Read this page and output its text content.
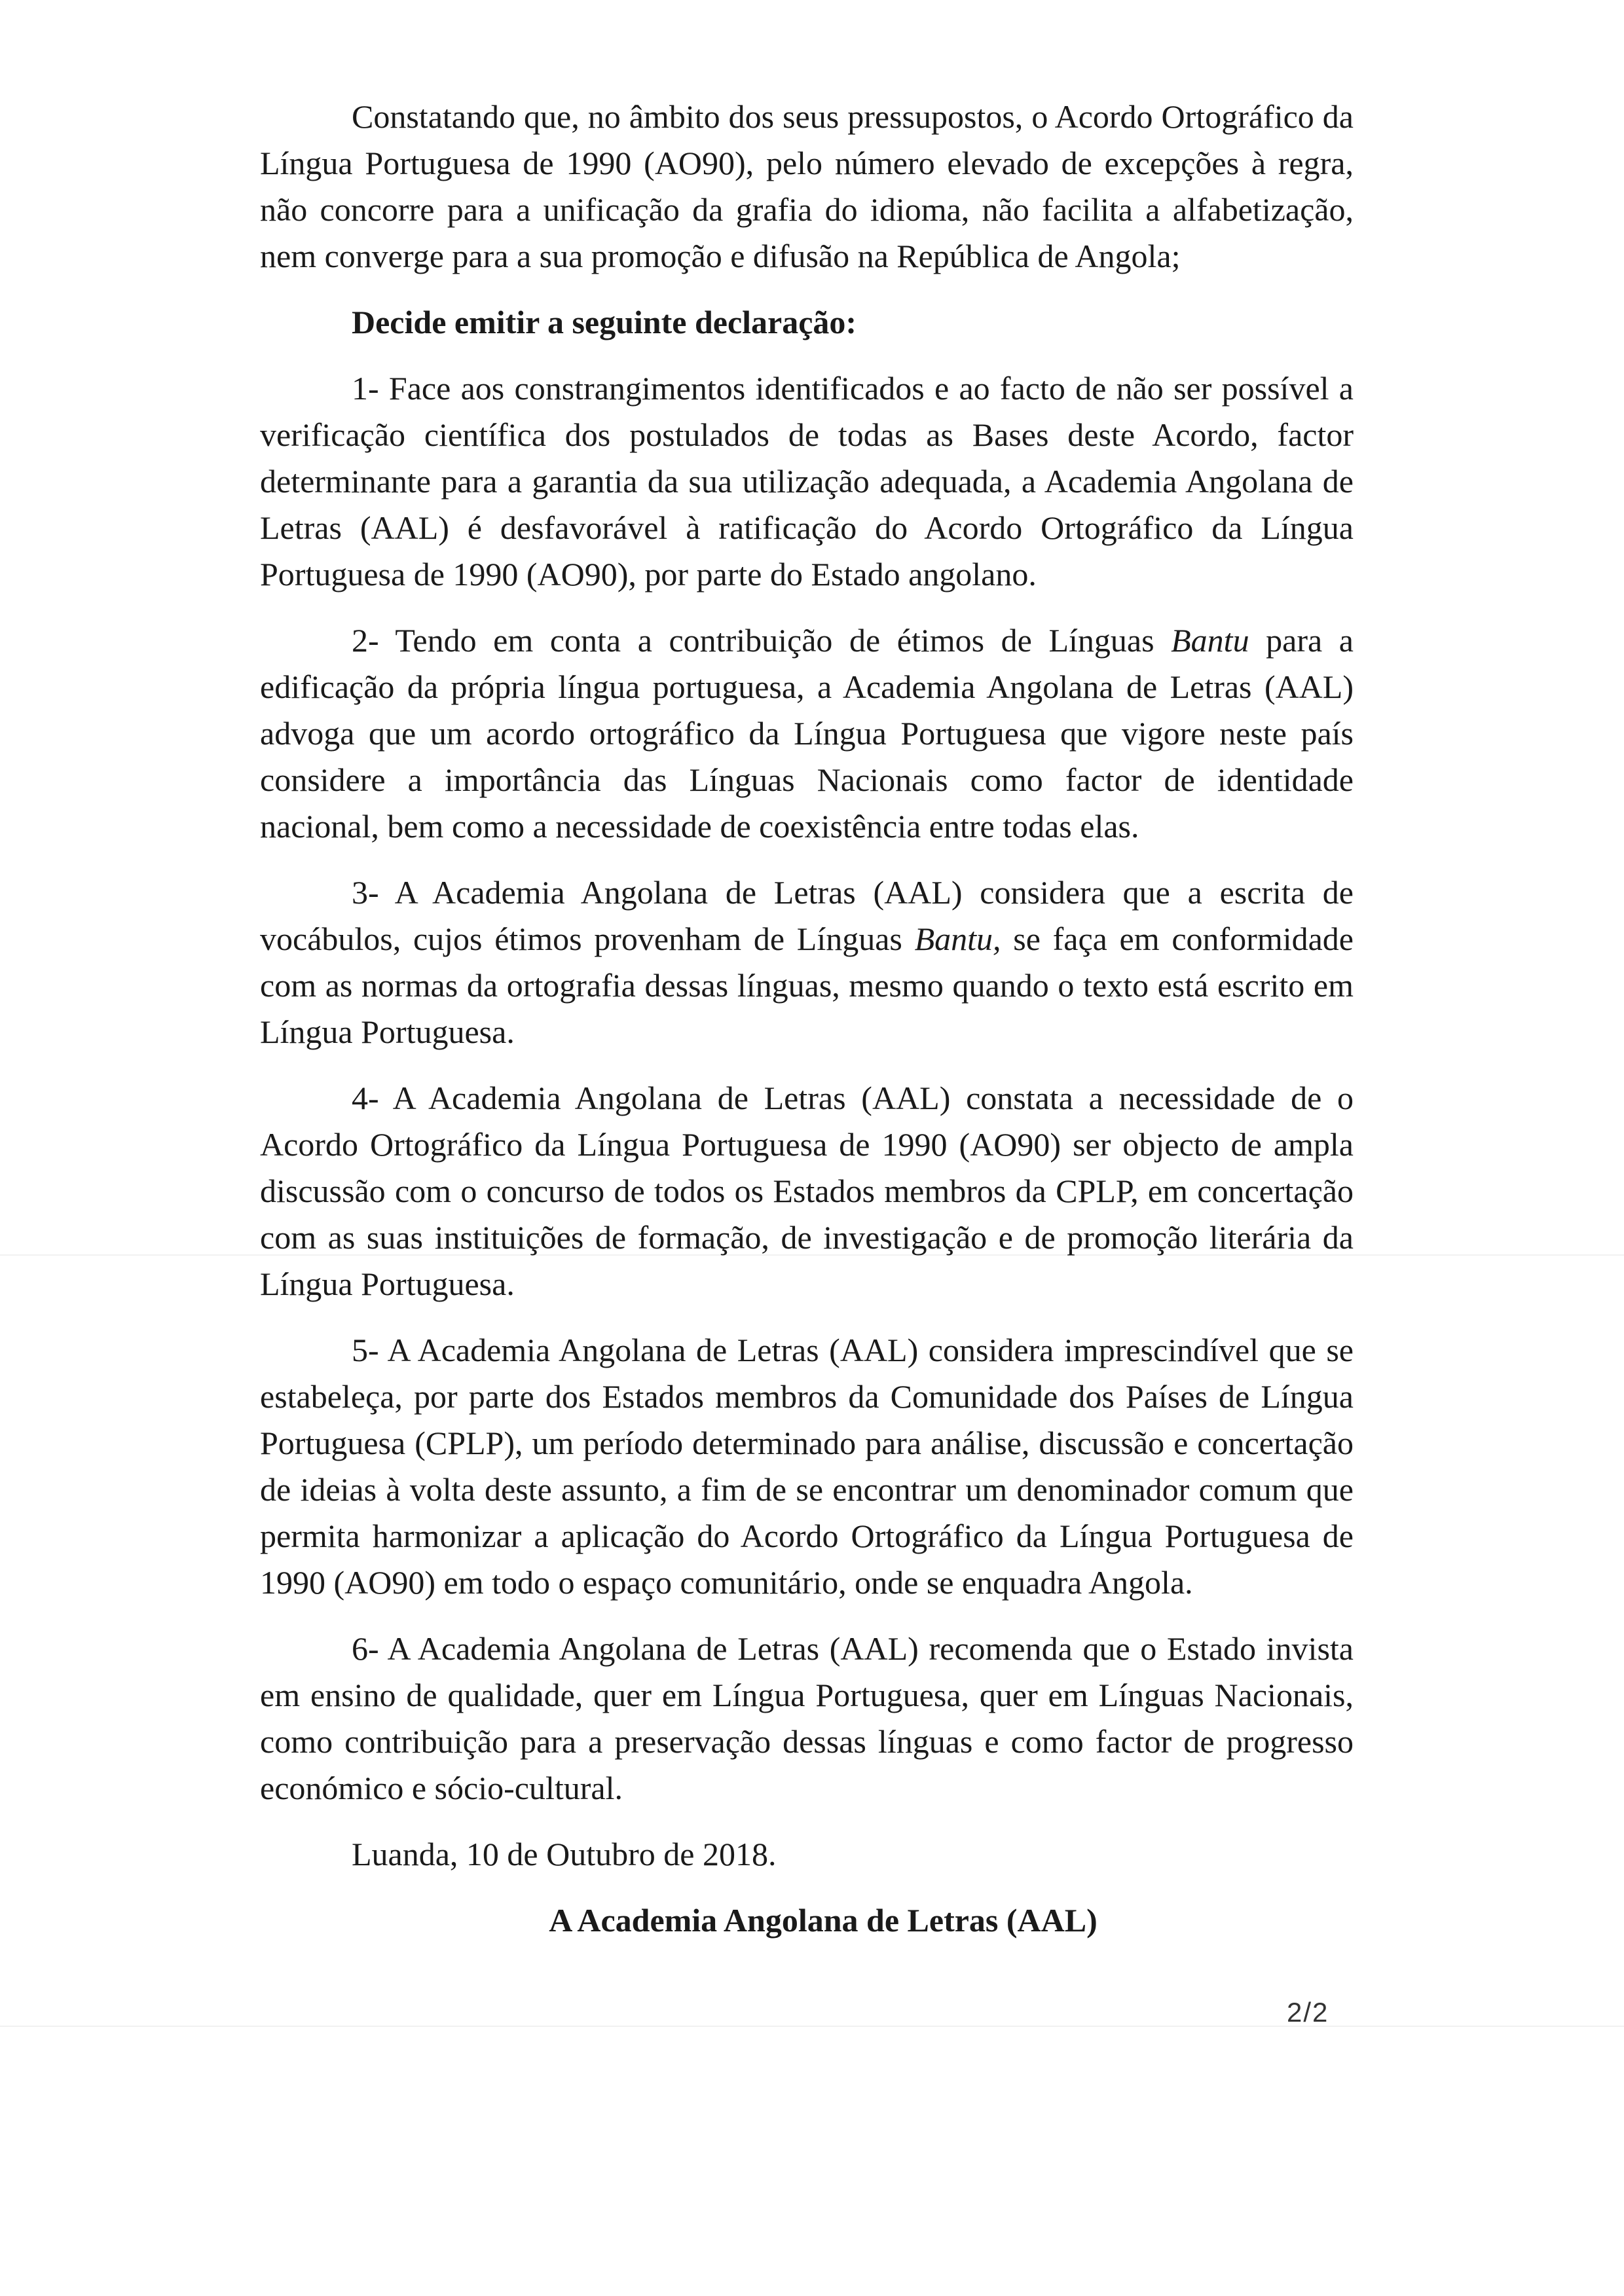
Constatando que, no âmbito dos seus pressupostos, o Acordo Ortográfico da Língua Portuguesa de 1990 (AO90), pelo número elevado de excepções à regra, não concorre para a unificação da grafia do idioma, não facilita a alfabetização, nem converge para a sua promoção e difusão na República de Angola;

Decide emitir a seguinte declaração:

1- Face aos constrangimentos identificados e ao facto de não ser possível a verificação científica dos postulados de todas as Bases deste Acordo, factor determinante para a garantia da sua utilização adequada, a Academia Angolana de Letras (AAL) é desfavorável à ratificação do Acordo Ortográfico da Língua Portuguesa de 1990 (AO90), por parte do Estado angolano.

2- Tendo em conta a contribuição de étimos de Línguas Bantu para a edificação da própria língua portuguesa, a Academia Angolana de Letras (AAL) advoga que um acordo ortográfico da Língua Portuguesa que vigore neste país considere a importância das Línguas Nacionais como factor de identidade nacional, bem como a necessidade de coexistência entre todas elas.

3- A Academia Angolana de Letras (AAL) considera que a escrita de vocábulos, cujos étimos provenham de Línguas Bantu, se faça em conformidade com as normas da ortografia dessas línguas, mesmo quando o texto está escrito em Língua Portuguesa.

4- A Academia Angolana de Letras (AAL) constata a necessidade de o Acordo Ortográfico da Língua Portuguesa de 1990 (AO90) ser objecto de ampla discussão com o concurso de todos os Estados membros da CPLP, em concertação com as suas instituições de formação, de investigação e de promoção literária da Língua Portuguesa.

5- A Academia Angolana de Letras (AAL) considera imprescindível que se estabeleça, por parte dos Estados membros da Comunidade dos Países de Língua Portuguesa (CPLP), um período determinado para análise, discussão e concertação de ideias à volta deste assunto, a fim de se encontrar um denominador comum que permita harmonizar a aplicação do Acordo Ortográfico da Língua Portuguesa de 1990 (AO90) em todo o espaço comunitário, onde se enquadra Angola.

6- A Academia Angolana de Letras (AAL) recomenda que o Estado invista em ensino de qualidade, quer em Língua Portuguesa, quer em Línguas Nacionais, como contribuição para a preservação dessas línguas e como factor de progresso económico e sócio-cultural.

Luanda, 10 de Outubro de 2018.

A Academia Angolana de Letras (AAL)

2/2
